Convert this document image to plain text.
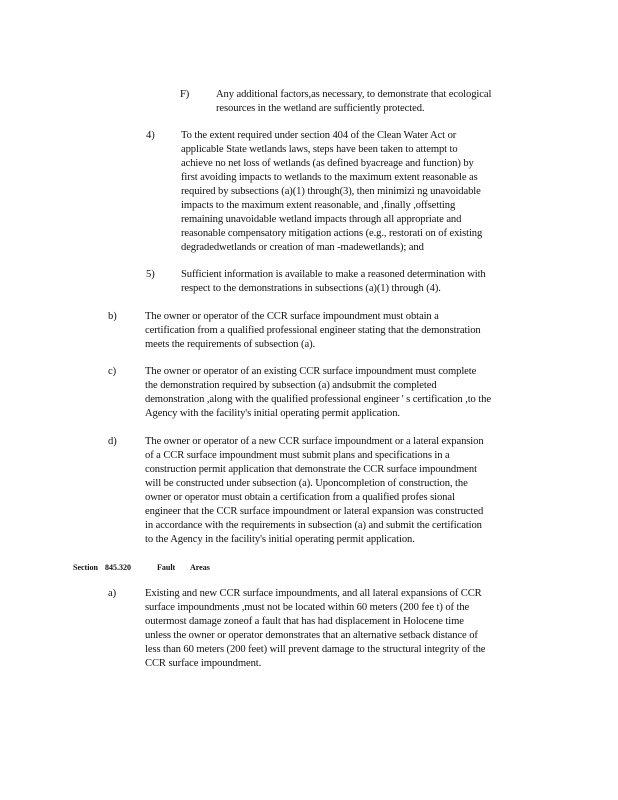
F)	Any additional factors,as necessary, to demonstrate that ecological

resources in the wetland are sufficiently protected.

4) To the extent required under section 404 of the Clean Water Act or

applicable State wetlands laws, steps have been taken to attempt to

achieve no net loss of wetlands (as defined byacreage and function) by

first avoiding impacts to wetlands to the maximum extent reasonable as

required by subsections (a)(1) through(3), then minimizi ng unavoidable

impacts to the maximum extent reasonable, and ,finally ,offsetting

remaining unavoidable wetland impacts through all appropriate and

reasonable compensatory mitigation actions (e.g., restorati on of existing

degradedwetlands or creation of man -madewetlands); and

5) Sufficient information is available to make a reasoned determination with

respect to the demonstrations in subsections (a)(1) through (4).

b)	The owner or operator of the CCR surface impoundment must obtain a

certification from a qualified professional engineer stating that the demonstration

meets the requirements of subsection (a).

c)	The owner or operator of an existing CCR surface impoundment must complete

the demonstration required by subsection (a) andsubmit the completed

demonstration ,along with the qualified professional engineer ' s certification ,to the

Agency with the facility's initial operating permit application.

d)	The owner or operator of a new CCR surface impoundment or a lateral expansion

of a CCR surface impoundment must submit plans and specifications in a

construction permit application that demonstrate the CCR surface impoundment

will be constructed under subsection (a). Uponcompletion of construction, the

owner or operator must obtain a certification from a qualified profes sional

engineer that the CCR surface impoundment or lateral expansion was constructed

in accordance with the requirements in subsection (a) and submit the certification

to the Agency in the facility's initial operating permit application.

Section 845.320	Fault Areas
a)	Existing and new CCR surface impoundments, and all lateral expansions of CCR

surface impoundments ,must not be located within 60 meters (200 fee t) of the

outermost damage zoneof a fault that has had displacement in Holocene time

unless the owner or operator demonstrates that an alternative setback distance of

less than 60 meters (200 feet) will prevent damage to the structural integrity of the

CCR surface impoundment.
